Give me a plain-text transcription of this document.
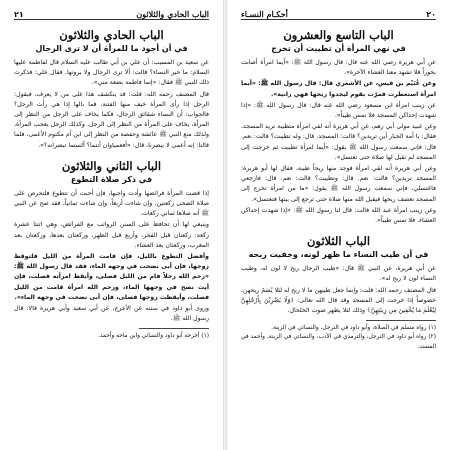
٢٠
أحكـام النسـاء
الباب التاسع والعشرون
في نهي المرأة أن تطيبت أن تخرج

عن أبي هريرة رضي الله عنه قال: قال رسول الله ﷺ: «أيما امرأة أصابت بخوراً فلا تشهد معنا العشاء الآخرة».

وعن غُنَيْم بن قيس، عن الأشعري قال: قال رسول الله ﷺ: «أيما امرأة استعطرت فمرّت بقوم ليجدوا ريحها فهي زانية».

عن زينب امرأة ابن مسعود رضي الله عنه قال: قال رسول الله ﷺ: «إذا شهدت إحداكن المسجد فلا تمس طيباً».

وعن عبيد مولى أبي رهم، عن أبي هريرة أنه لقي امرأة متطيبة تريد المسجد، فقال: يا أمة الجبار أين تريدين؟ قالت: المسجد. قال: وله تطيبت؟ قالت: نعم. قال: فإني سمعت رسول الله ﷺ يقول: «أيما امرأة تطيبت ثم خرجت إلى المسجد لم تقبل لها صلاة حتى تغتسل».

وعن أبي هريرة أنه لقي امرأة فوجد منها ريحاً طيبة، فقال لها أبو هريرة: المسجد تريدين؟ قالت: نعم. قال: وتطيبت؟ قالت: نعم. قال: فارجعي فاغتسلي، فإني سمعت رسول الله ﷺ يقول: «ما من امرأة تخرج إلى المسجد تعصف ريحها فيقبل الله منها صلاة حتى ترجع إلى بيتها فتغتسل».

وعن زينب امرأة عبد الله قالت: قال لنا رسول الله ﷺ: «إذا شهدت إحداكن العشاء، فلا تمس طيباً».

الباب الثلاثون
في أن طيب النساء ما ظهر لونه، وخفيت ريحه

عن أبي هريرة، عن النبي ﷺ قال: «طيب الرجال ريح لا لون له، وطيب النساء لون لا ريح له».

قال المصنف رحمه الله: قلت: وإنما جعل طيبهن ما لا ريح له لئلا يُشمّ ريحهن، خصوصاً إذا خرجت إلى المسجد وقد قال الله تعالى: ﴿وَلَا يَضْرِبْنَ بِأَرْجُلِهِنَّ لِيُعْلَمَ مَا يُخْفِينَ مِن زِينَتِهِنَّ﴾ وذلك لئلا يظهر صوت الخلخال.

(١) رواه مسلم في الصلاة، وأبو داود في الترجل، والنسائي في الزينة.

(٢) رواه أبو داود في الترجل، والترمذي في الأدب، والنسائي في الزينة، وأحمد في المسند.

الباب الحادي والثلاثون
٢١
الباب الحادي والثلاثون
في أن أجود ما للمرأة أن لا ترى الرجال

عن سعيد بن المسيب: أن علي بن أبي طالب عليه السلام قال لفاطمة عليها السلام: ما خير النساء؟ قالت: ألا ترى الرجال ولا يرونها. فقال علي: فذكرت ذلك للنبي ﷺ فقال: «إنما فاطمة بضعة مني».

قال المصنف رحمه الله: قلت: قد ينكشف هذا على من لا يعرف، فيقول: الرجل إذا رأى المرأة خيف منها الفتنة، فما بالها إذا هي رأت الرجل؟ فالجواب: أن النساء شقائق الرجال، فكما يخاف على الرجل من النظر إلى المرأة، يخاف على المرأة من النظر إلى الرجل. وكذلك الرجل يعجب المرأة، ولذلك منع النبي ﷺ عائشة وحفصة من النظر إلى ابن أم مكتوم الأعمى، فلما قالتا: إنه أعمى لا يبصرنا، قال: «أفعمياوان أنتما؟ ألستما تبصرانه؟».

الباب الثاني والثلاثون
في ذكر صلاة التطوع

إذا قضت المرأة فرائضها وأدت واجبها، فإن أحبت أن تتطوع فلتحرص على صلاة الضحى ركعتين، وإن شاءت أربعاً، وإن شاءت ثمانياً، فقد صح عن النبي ﷺ أنه صلاها ثماني ركعات.

وينبغي لها أن تحافظ على السنن الرواتب مع الفرائض، وهي اثنتا عشرة ركعة: ركعتان قبل الفجر، وأربع قبل الظهر، وركعتان بعدها، وركعتان بعد المغرب، وركعتان بعد العشاء.

وأفضل التطوع بالليل، فإن قامت المرأة من الليل فلتوقظ زوجها، فإن أبى نضحت في وجهه الماء، فقد قال رسول الله ﷺ: «رحم الله رجلاً قام من الليل فصلى، وأيقظ امرأته فصلت، فإن أبت نضح في وجهها الماء، ورحم الله امرأة قامت من الليل فصلت، وأيقظت زوجها فصلى، فإن أبى نضحت في وجهه الماء».

وروى أبو داود في سننه عن الأعرج، عن أبي سعيد وأبي هريرة قالا: قال رسول الله ﷺ.

(١) أخرجه أبو داود والنسائي وابن ماجه وأحمد.
